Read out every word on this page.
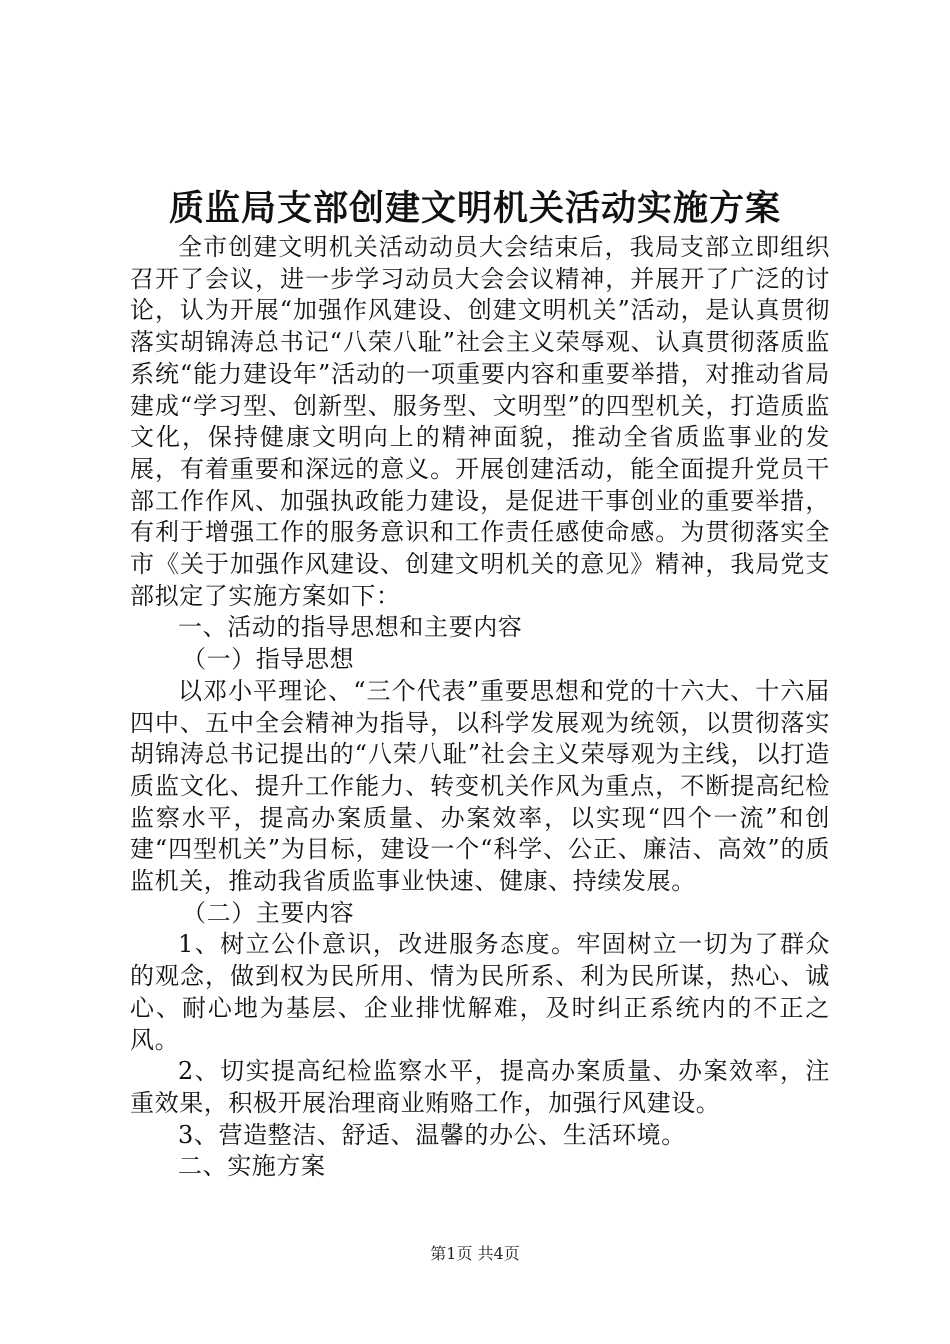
质监局支部创建文明机关活动实施方案

全市创建文明机关活动动员大会结束后，我局支部立即组织召开了会议，进一步学习动员大会会议精神，并展开了广泛的讨论，认为开展“加强作风建设、创建文明机关”活动，是认真贯彻落实胡锦涛总书记“八荣八耻”社会主义荣辱观、认真贯彻落质监系统“能力建设年”活动的一项重要内容和重要举措，对推动省局建成“学习型、创新型、服务型、文明型”的四型机关，打造质监文化，保持健康文明向上的精神面貌，推动全省质监事业的发展，有着重要和深远的意义。开展创建活动，能全面提升党员干部工作作风、加强执政能力建设，是促进干事创业的重要举措，有利于增强工作的服务意识和工作责任感使命感。为贯彻落实全市《关于加强作风建设、创建文明机关的意见》精神，我局党支部拟定了实施方案如下：

一、活动的指导思想和主要内容

（一）指导思想

以邓小平理论、“三个代表”重要思想和党的十六大、十六届四中、五中全会精神为指导，以科学发展观为统领，以贯彻落实胡锦涛总书记提出的“八荣八耻”社会主义荣辱观为主线，以打造质监文化、提升工作能力、转变机关作风为重点，不断提高纪检监察水平，提高办案质量、办案效率，以实现“四个一流”和创建“四型机关”为目标，建设一个“科学、公正、廉洁、高效”的质监机关，推动我省质监事业快速、健康、持续发展。

（二）主要内容

1、树立公仆意识，改进服务态度。牢固树立一切为了群众的观念，做到权为民所用、情为民所系、利为民所谋，热心、诚心、耐心地为基层、企业排忧解难，及时纠正系统内的不正之风。

2、切实提高纪检监察水平，提高办案质量、办案效率，注重效果，积极开展治理商业贿赂工作，加强行风建设。

3、营造整洁、舒适、温馨的办公、生活环境。

二、实施方案

第1页 共4页
